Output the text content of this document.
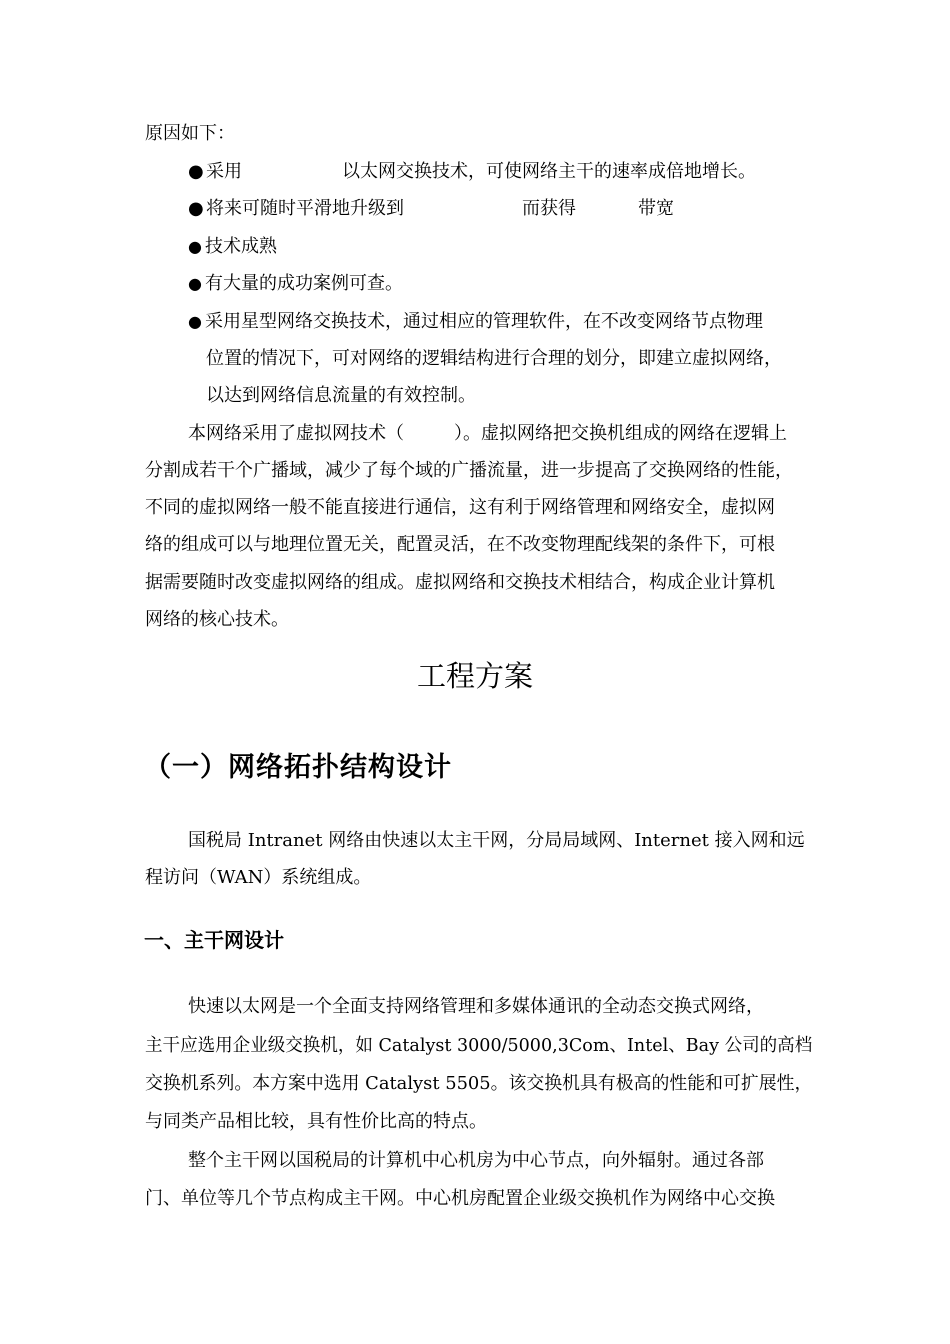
原因如下：
● 采用	以太网交换技术，可使网络主干的速率成倍地增长。
● 将来可随时平滑地升级到	而获得	带宽
● 技术成熟
● 有大量的成功案例可查。
● 采用星型网络交换技术，通过相应的管理软件，在不改变网络节点物理
位置的情况下，可对网络的逻辑结构进行合理的划分，即建立虚拟网络，
以达到网络信息流量的有效控制。
本网络采用了虚拟网技术（	）。虚拟网络把交换机组成的网络在逻辑上
分割成若干个广播域，减少了每个域的广播流量，进一步提高了交换网络的性能，
不同的虚拟网络一般不能直接进行通信，这有利于网络管理和网络安全，虚拟网
络的组成可以与地理位置无关，配置灵活，在不改变物理配线架的条件下，可根
据需要随时改变虚拟网络的组成。虚拟网络和交换技术相结合，构成企业计算机
网络的核心技术。
工程方案
（一）网络拓扑结构设计
国税局 Intranet 网络由快速以太主干网，分局局域网、Internet 接入网和远
程访问（WAN）系统组成。
一、主干网设计
快速以太网是一个全面支持网络管理和多媒体通讯的全动态交换式网络，
主干应选用企业级交换机，如 Catalyst 3000/5000,3Com、Intel、Bay 公司的高档
交换机系列。本方案中选用 Catalyst 5505。该交换机具有极高的性能和可扩展性，
与同类产品相比较，具有性价比高的特点。
整个主干网以国税局的计算机中心机房为中心节点，向外辐射。通过各部
门、单位等几个节点构成主干网。中心机房配置企业级交换机作为网络中心交换
